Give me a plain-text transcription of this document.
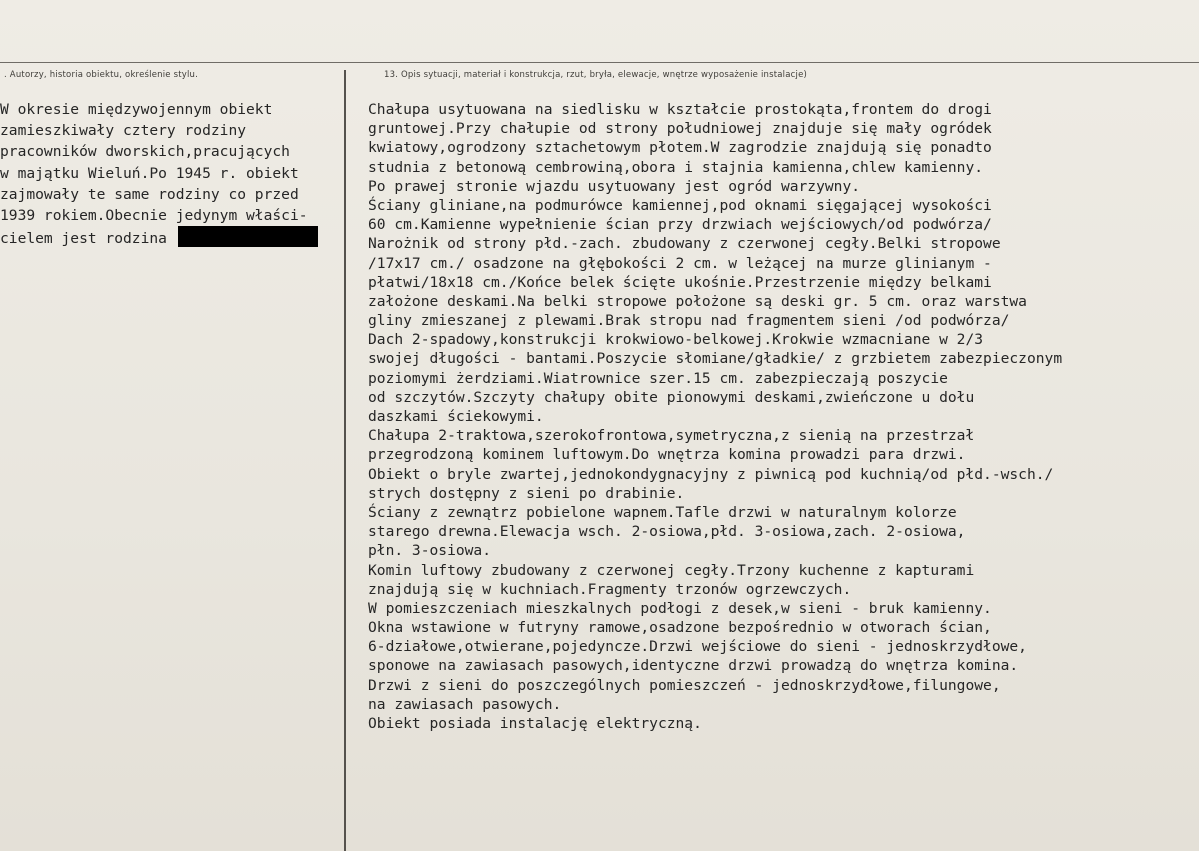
. Autorzy, historia obiektu, określenie stylu.	13. Opis sytuacji, materiał i konstrukcja, rzut, bryła, elewacje, wnętrze wyposażenie instalacje)
W okresie międzywojennym obiekt
zamieszkiwały cztery rodziny
pracowników dworskich,pracujących
w majątku Wieluń.Po 1945 r. obiekt
zajmowały te same rodziny co przed
1939 rokiem.Obecnie jedynym właści-
cielem jest rodzina
Chałupa usytuowana na siedlisku w kształcie prostokąta,frontem do drogi
gruntowej.Przy chałupie od strony południowej znajduje się mały ogródek
kwiatowy,ogrodzony sztachetowym płotem.W zagrodzie znajdują się ponadto
studnia z betonową cembrowiną,obora i stajnia kamienna,chlew kamienny.
Po prawej stronie wjazdu usytuowany jest ogród warzywny.
Ściany gliniane,na podmurówce kamiennej,pod oknami sięgającej wysokości
60 cm.Kamienne wypełnienie ścian przy drzwiach wejściowych/od podwórza/
Narożnik od strony płd.-zach. zbudowany z czerwonej cegły.Belki stropowe
/17x17 cm./ osadzone na głębokości 2 cm. w leżącej na murze glinianym -
płatwi/18x18 cm./Końce belek ścięte ukośnie.Przestrzenie między belkami
założone deskami.Na belki stropowe położone są deski gr. 5 cm. oraz warstwa
gliny zmieszanej z plewami.Brak stropu nad fragmentem sieni /od podwórza/
Dach 2-spadowy,konstrukcji krokwiowo-belkowej.Krokwie wzmacniane w 2/3
swojej długości - bantami.Poszycie słomiane/gładkie/ z grzbietem zabezpieczonym
poziomymi żerdziami.Wiatrownice szer.15 cm. zabezpieczają poszycie
od szczytów.Szczyty chałupy obite pionowymi deskami,zwieńczone u dołu
daszkami ściekowymi.
Chałupa 2-traktowa,szerokofrontowa,symetryczna,z sienią na przestrzał
przegrodzoną kominem luftowym.Do wnętrza komina prowadzi para drzwi.
Obiekt o bryle zwartej,jednokondygnacyjny z piwnicą pod kuchnią/od płd.-wsch./
strych dostępny z sieni po drabinie.
Ściany z zewnątrz pobielone wapnem.Tafle drzwi w naturalnym kolorze
starego drewna.Elewacja wsch. 2-osiowa,płd. 3-osiowa,zach. 2-osiowa,
płn. 3-osiowa.
Komin luftowy zbudowany z czerwonej cegły.Trzony kuchenne z kapturami
znajdują się w kuchniach.Fragmenty trzonów ogrzewczych.
W pomieszczeniach mieszkalnych podłogi z desek,w sieni - bruk kamienny.
Okna wstawione w futryny ramowe,osadzone bezpośrednio w otworach ścian,
6-działowe,otwierane,pojedyncze.Drzwi wejściowe do sieni - jednoskrzydłowe,
sponowe na zawiasach pasowych,identyczne drzwi prowadzą do wnętrza komina.
Drzwi z sieni do poszczególnych pomieszczeń - jednoskrzydłowe,filungowe,
na zawiasach pasowych.
Obiekt posiada instalację elektryczną.
